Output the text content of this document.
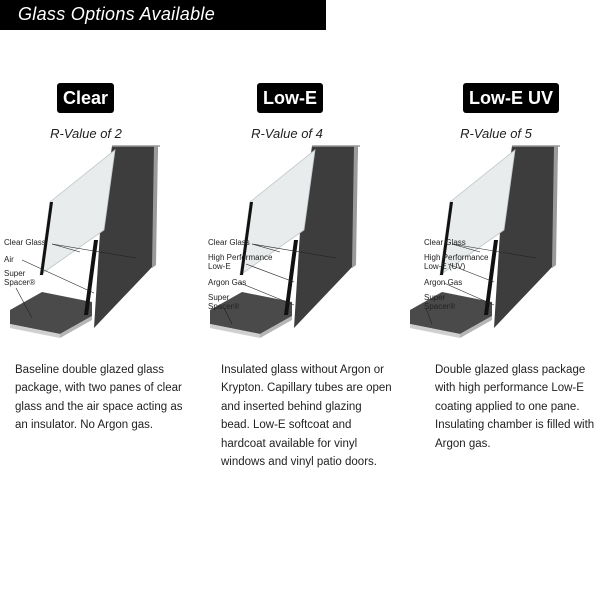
Glass Options Available
Clear
R-Value of 2
Clear Glass
Air
Super
Spacer®
Baseline double glazed glass package, with two panes of clear glass and the air space acting as an insulator. No Argon gas.
Low-E
R-Value of 4
Clear Glass
High Performance
Low-E
Argon Gas
Super
Spacer®
Insulated glass without Argon or Krypton. Capillary tubes are open and inserted behind glazing bead. Low-E softcoat and hardcoat available for vinyl windows and vinyl patio doors.
Low-E UV
R-Value of 5
Clear Glass
High Performance
Low-E (UV)
Argon Gas
Super
Spacer®
Double glazed glass package with high performance Low-E coating applied to one pane. Insulating chamber is filled with Argon gas.
